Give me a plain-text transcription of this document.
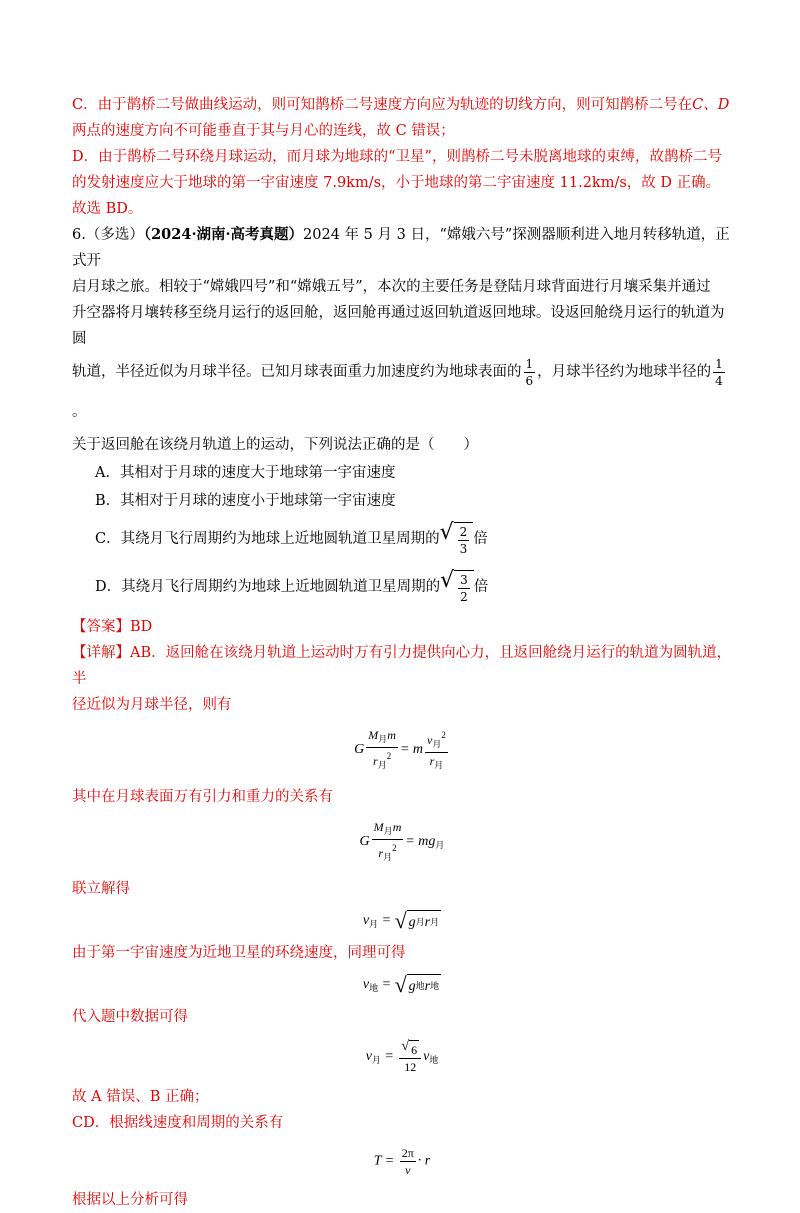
C．由于鹊桥二号做曲线运动，则可知鹊桥二号速度方向应为轨迹的切线方向，则可知鹊桥二号在C、D

两点的速度方向不可能垂直于其与月心的连线，故 C 错误；

D．由于鹊桥二号环绕月球运动，而月球为地球的“卫星”，则鹊桥二号未脱离地球的束缚，故鹊桥二号

的发射速度应大于地球的第一宇宙速度 7.9km/s，小于地球的第二宇宙速度 11.2km/s，故 D 正确。

故选 BD。

6.（多选）（2024·湖南·高考真题）2024 年 5 月 3 日，“嫦娥六号”探测器顺利进入地月转移轨道，正式开

启月球之旅。相较于“嫦娥四号”和“嫦娥五号”，本次的主要任务是登陆月球背面进行月壤采集并通过

升空器将月壤转移至绕月运行的返回舱，返回舱再通过返回轨道返回地球。设返回舱绕月运行的轨道为圆

轨道，半径近似为月球半径。已知月球表面重力加速度约为地球表面的 $\frac{1}{6}$ ，月球半径约为地球半径的 $\frac{1}{4}$
。

关于返回舱在该绕月轨道上的运动，下列说法正确的是（　　）

A．其相对于月球的速度大于地球第一宇宙速度

B．其相对于月球的速度小于地球第一宇宙速度

C．其绕月飞行周期约为地球上近地圆轨道卫星周期的 √ $\frac{2}{3}$ 倍

D．其绕月飞行周期约为地球上近地圆轨道卫星周期的 √ $\frac{3}{2}$ 倍

【答案】BD

【详解】AB．返回舱在该绕月轨道上运动时万有引力提供向心力，且返回舱绕月运行的轨道为圆轨道，半

径近似为月球半径，则有

G $\frac{M_月m}{r_月^2} = m \frac{v_月^2}{r_月}$

其中在月球表面万有引力和重力的关系有

G $\frac{M_月m}{r_月^2} = mg_月$

联立解得

$v_月$ = √ g 月 r 月

由于第一宇宙速度为近地卫星的环绕速度，同理可得

$v_地$ = √ g 地 r 地

代入题中数据可得

$v_月 = \frac{√ 6}{12} v_地$

故 A 错误、B 正确；

CD．根据线速度和周期的关系有

$T = \frac{2\pi}{v} \cdot r$

根据以上分析可得
